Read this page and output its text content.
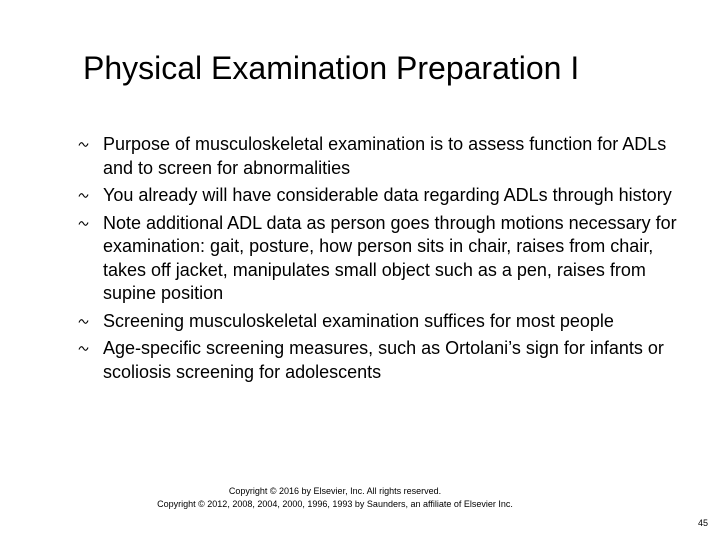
Physical Examination Preparation I
Purpose of musculoskeletal examination is to assess function for ADLs and to screen for abnormalities
You already will have considerable data regarding ADLs through history
Note additional ADL data as person goes through motions necessary for examination: gait, posture, how person sits in chair, raises from chair, takes off jacket, manipulates small object such as a pen, raises from supine position
Screening musculoskeletal examination suffices for most people
Age-specific screening measures, such as Ortolani’s sign for infants or scoliosis screening for adolescents
Copyright © 2016 by Elsevier, Inc. All rights reserved.
Copyright © 2012, 2008, 2004, 2000, 1996, 1993 by Saunders, an affiliate of Elsevier Inc.
45
